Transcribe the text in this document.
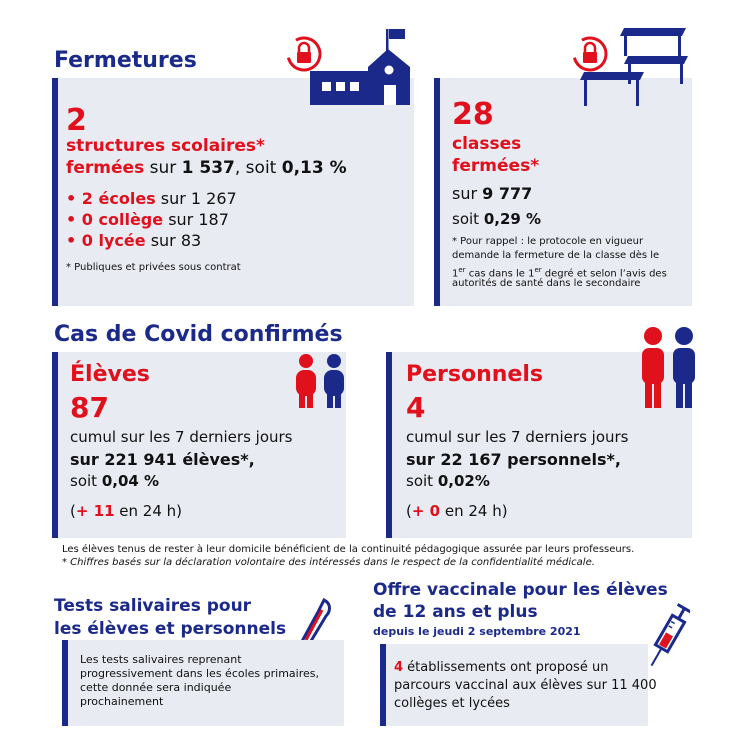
Fermetures
2
structures scolaires*
fermées sur 1 537, soit 0,13 %
• 2 écoles sur 1 267
• 0 collège sur 187
• 0 lycée sur 83
* Publiques et privées sous contrat
28
classes
fermées*
sur 9 777
soit 0,29 %
* Pour rappel : le protocole en vigueur
demande la fermeture de la classe dès le
1er cas dans le 1er degré et selon l’avis des
autorités de santé dans le secondaire
Cas de Covid confirmés
Élèves
87
cumul sur les 7 derniers jours
sur 221 941 élèves*,
soit 0,04 %
(+ 11 en 24 h)
Personnels
4
cumul sur les 7 derniers jours
sur 22 167 personnels*,
soit 0,02%
(+ 0 en 24 h)
Les élèves tenus de rester à leur domicile bénéficient de la continuité pédagogique assurée par leurs professeurs.
* Chiffres basés sur la déclaration volontaire des intéressés dans le respect de la confidentialité médicale.
Tests salivaires pour
les élèves et personnels
Les tests salivaires reprenant
progressivement dans les écoles primaires,
cette donnée sera indiquée
prochainement
Offre vaccinale pour les élèves
de 12 ans et plus
depuis le jeudi 2 septembre 2021
4 établissements ont proposé un
parcours vaccinal aux élèves sur 11 400
collèges et lycées
